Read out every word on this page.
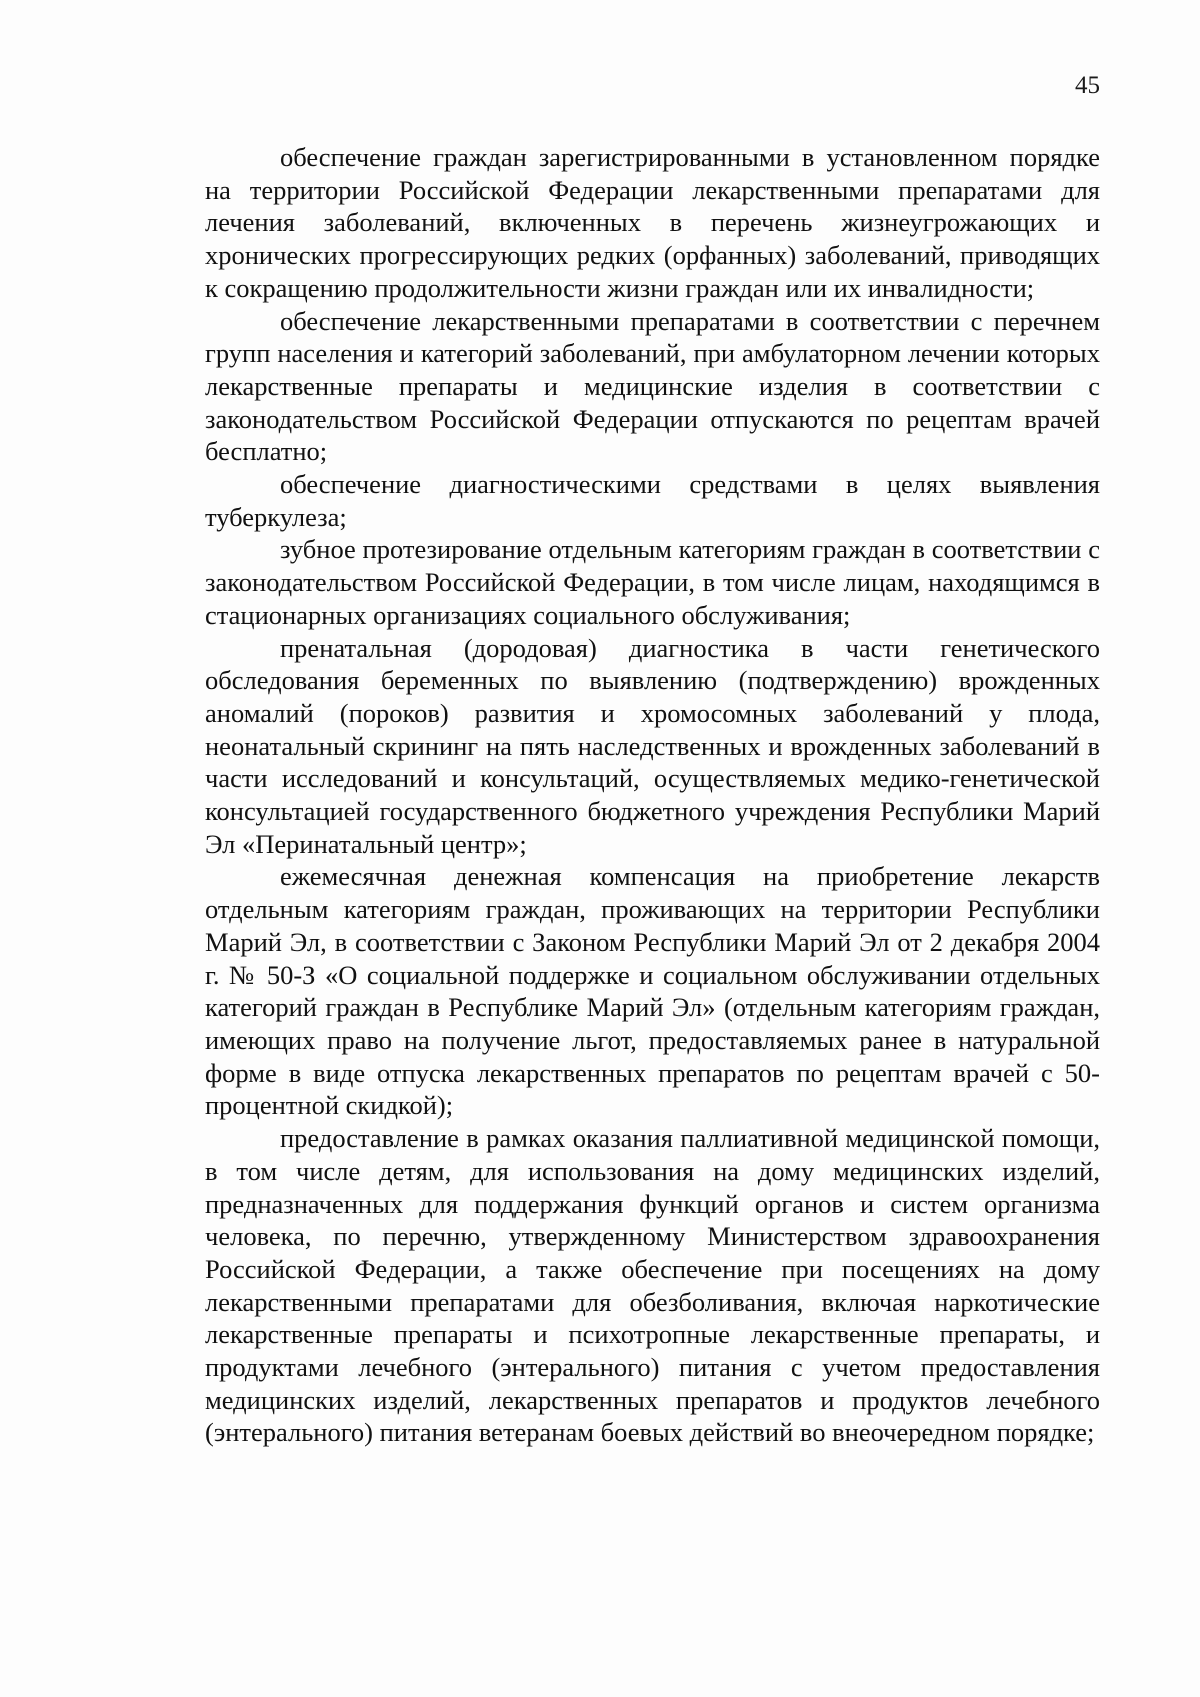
45

обеспечение граждан зарегистрированными в установленном порядке на территории Российской Федерации лекарственными препаратами для лечения заболеваний, включенных в перечень жизнеугрожающих и хронических прогрессирующих редких (орфанных) заболеваний, приводящих к сокращению продолжительности жизни граждан или их инвалидности;

обеспечение лекарственными препаратами в соответствии с перечнем групп населения и категорий заболеваний, при амбулаторном лечении которых лекарственные препараты и медицинские изделия в соответствии с законодательством Российской Федерации отпускаются по рецептам врачей бесплатно;

обеспечение диагностическими средствами в целях выявления туберкулеза;

зубное протезирование отдельным категориям граждан в соответствии с законодательством Российской Федерации, в том числе лицам, находящимся в стационарных организациях социального обслуживания;

пренатальная (дородовая) диагностика в части генетического обследования беременных по выявлению (подтверждению) врожденных аномалий (пороков) развития и хромосомных заболеваний у плода, неонатальный скрининг на пять наследственных и врожденных заболеваний в части исследований и консультаций, осуществляемых медико-генетической консультацией государственного бюджетного учреждения Республики Марий Эл «Перинатальный центр»;

ежемесячная денежная компенсация на приобретение лекарств отдельным категориям граждан, проживающих на территории Республики Марий Эл, в соответствии с Законом Республики Марий Эл от 2 декабря 2004 г. № 50-З «О социальной поддержке и социальном обслуживании отдельных категорий граждан в Республике Марий Эл» (отдельным категориям граждан, имеющих право на получение льгот, предоставляемых ранее в натуральной форме в виде отпуска лекарственных препаратов по рецептам врачей с 50-процентной скидкой);

предоставление в рамках оказания паллиативной медицинской помощи, в том числе детям, для использования на дому медицинских изделий, предназначенных для поддержания функций органов и систем организма человека, по перечню, утвержденному Министерством здравоохранения Российской Федерации, а также обеспечение при посещениях на дому лекарственными препаратами для обезболивания, включая наркотические лекарственные препараты и психотропные лекарственные препараты, и продуктами лечебного (энтерального) питания с учетом предоставления медицинских изделий, лекарственных препаратов и продуктов лечебного (энтерального) питания ветеранам боевых действий во внеочередном порядке;
